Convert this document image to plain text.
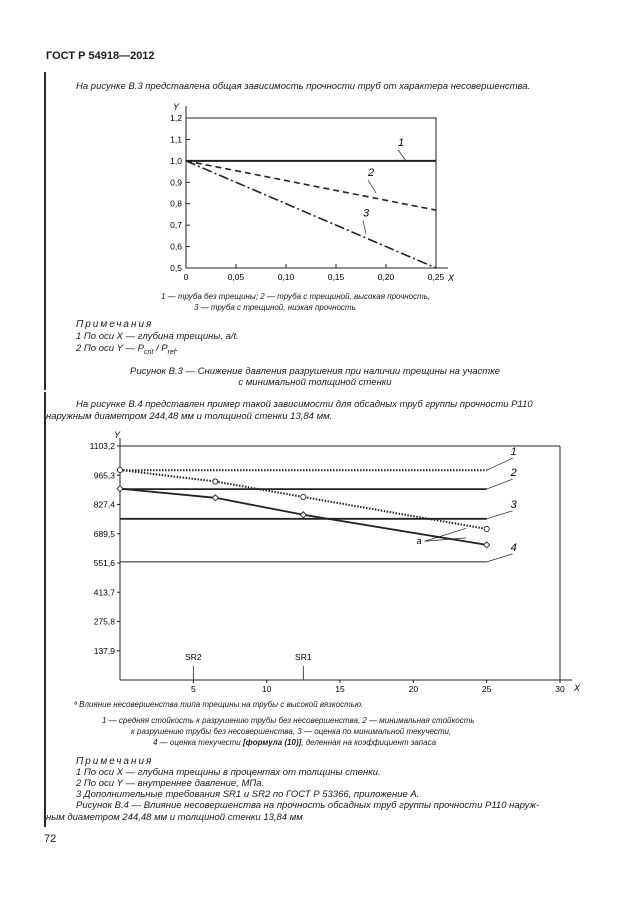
ГОСТ Р 54918—2012
На рисунке В.3 представлена общая зависимость прочности труб от характера несовершенства.
1
2
3
0,5
0,6
0,7
0,8
0,9
1,0
1,1
1,2
0	0,05	0,10	0,15	0,20	0,25
Y
X
1 — труба без трещины; 2 — труба с трещиной, высокая прочность,
3 — труба с трещиной, низкая прочность
Примечания
1 По оси X — глубина трещины, a/t.
2 По оси Y — $P_{crit} / P_{ref}$.
Рисунок В.3 — Снижение давления разрушения при наличии трещины на участке
с минимальной толщиной стенки
На рисунке В.4 представлен пример такой зависимости для обсадных труб группы прочности Р110
наружным диаметром 244,48 мм и толщиной стенки 13,84 мм.
1
2
3
4
a
137,9
275,8
413,7
551,6
689,5
827,4
965,3
1103,2
5	10	15	20	25	30
SR2	SR1
Y
X
ª Влияние несовершенства типа трещины на трубы с высокой вязкостью.
1 — средняя стойкость к разрушению трубы без несовершенства, 2 — минимальная стойкость
к разрушению трубы без несовершенства, 3 — оценка по минимальной текучести,
4 — оценка текучести [формула (10)], деленная на коэффициент запаса
Примечания
1 По оси X — глубина трещины в процентах от толщины стенки.
2 По оси Y — внутреннее давление, МПа.
3 Дополнительные требования SR1 и SR2 по ГОСТ Р 53366, приложение А.
Рисунок В.4 — Влияние несовершенства на прочность обсадных труб группы прочности Р110 наруж-
ным диаметром 244,48 мм и толщиной стенки 13,84 мм
72
